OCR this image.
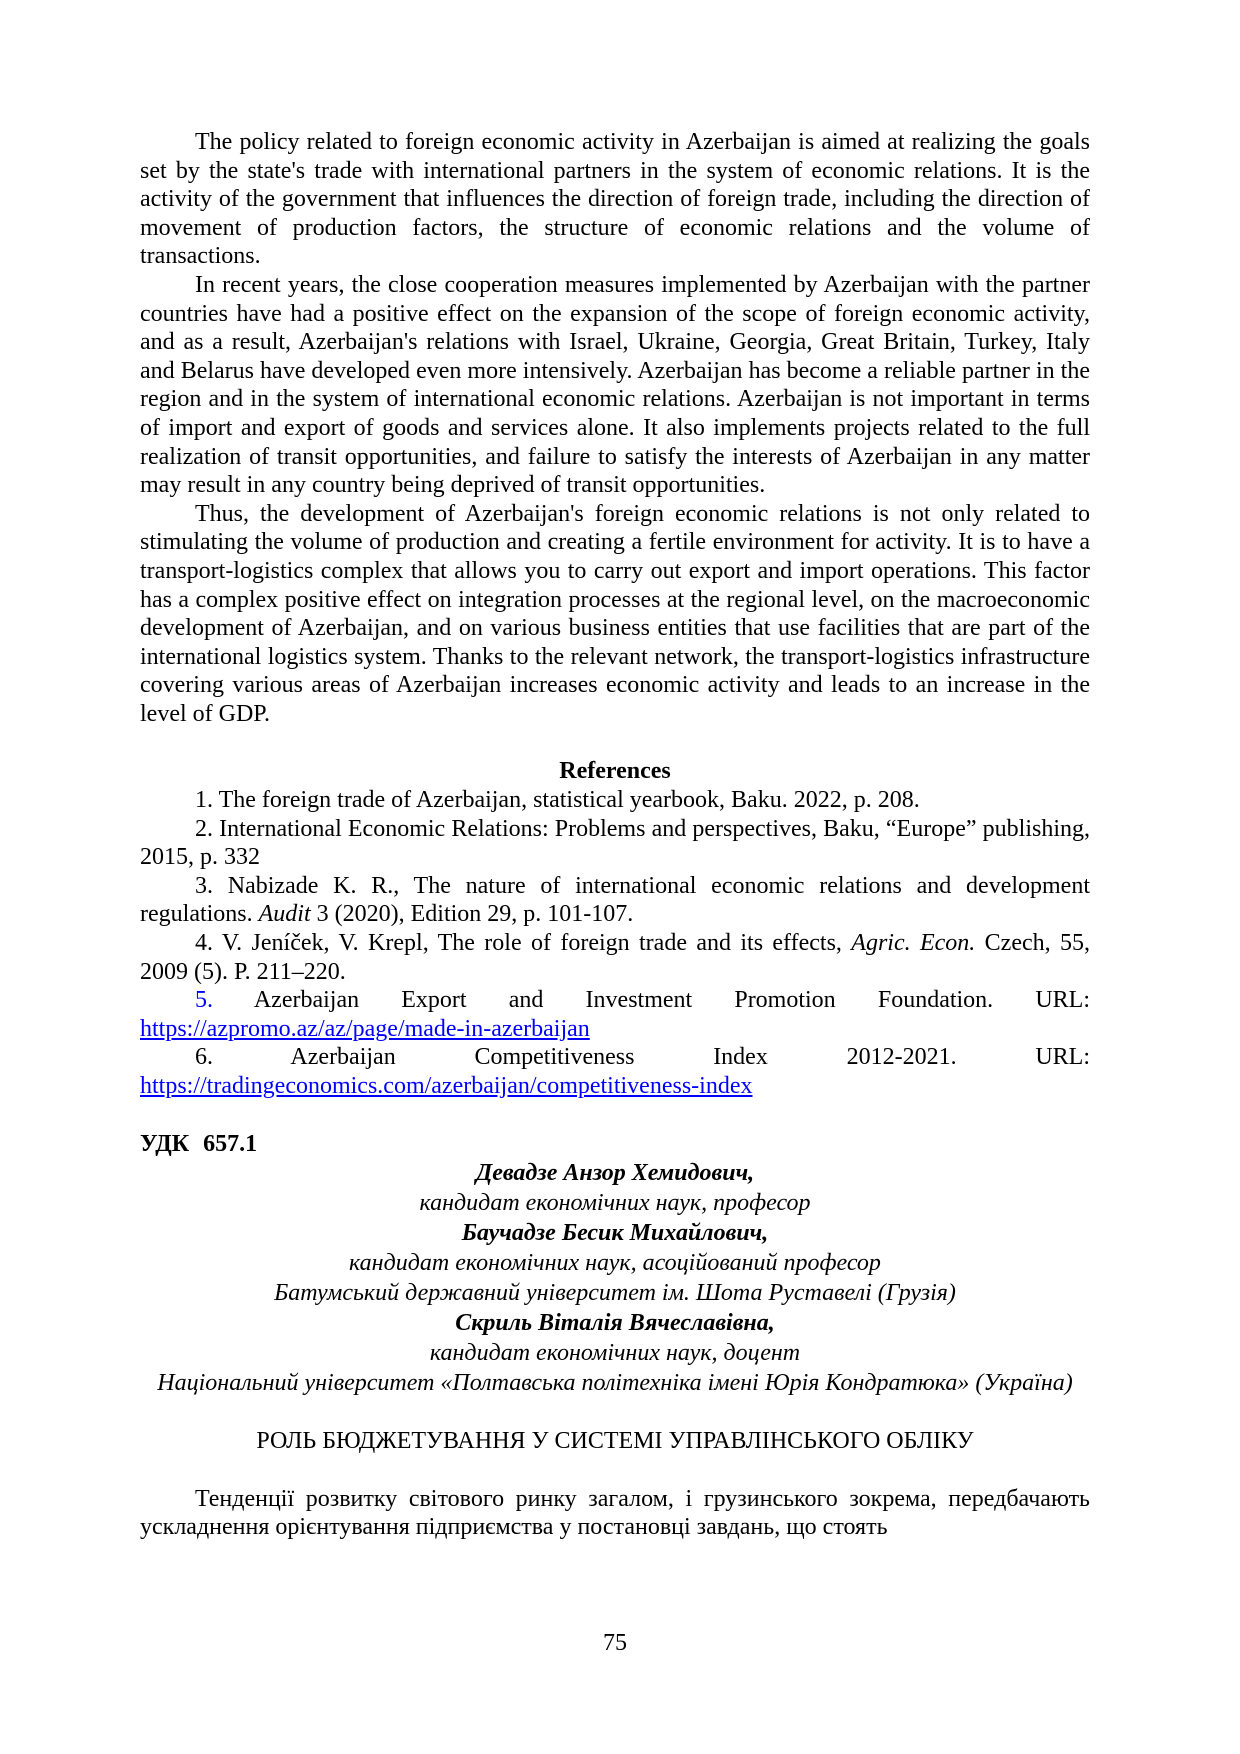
The policy related to foreign economic activity in Azerbaijan is aimed at realizing the goals set by the state's trade with international partners in the system of economic relations. It is the activity of the government that influences the direction of foreign trade, including the direction of movement of production factors, the structure of economic relations and the volume of transactions.

In recent years, the close cooperation measures implemented by Azerbaijan with the partner countries have had a positive effect on the expansion of the scope of foreign economic activity, and as a result, Azerbaijan's relations with Israel, Ukraine, Georgia, Great Britain, Turkey, Italy and Belarus have developed even more intensively. Azerbaijan has become a reliable partner in the region and in the system of international economic relations. Azerbaijan is not important in terms of import and export of goods and services alone. It also implements projects related to the full realization of transit opportunities, and failure to satisfy the interests of Azerbaijan in any matter may result in any country being deprived of transit opportunities.

Thus, the development of Azerbaijan's foreign economic relations is not only related to stimulating the volume of production and creating a fertile environment for activity. It is to have a transport-logistics complex that allows you to carry out export and import operations. This factor has a complex positive effect on integration processes at the regional level, on the macroeconomic development of Azerbaijan, and on various business entities that use facilities that are part of the international logistics system. Thanks to the relevant network, the transport-logistics infrastructure covering various areas of Azerbaijan increases economic activity and leads to an increase in the level of GDP.

References

1. The foreign trade of Azerbaijan, statistical yearbook, Baku. 2022, p. 208.

2. International Economic Relations: Problems and perspectives, Baku, “Europe” publishing, 2015, p. 332

3. Nabizade K. R., The nature of international economic relations and development regulations. Audit 3 (2020), Edition 29, p. 101-107.

4. V. Jeníček, V. Krepl, The role of foreign trade and its effects, Agric. Econ. Czech, 55, 2009 (5). P. 211–220.

5. Azerbaijan Export and Investment Promotion Foundation. URL: https://azpromo.az/az/page/made-in-azerbaijan

6. Azerbaijan Competitiveness Index 2012-2021. URL: https://tradingeconomics.com/azerbaijan/competitiveness-index

УДК 657.1

Девадзе Анзор Хемидович,
кандидат економічних наук, професор
Баучадзе Бесик Михайлович,
кандидат економічних наук, асоційований професор
Батумський державний університет ім. Шота Руставелі (Грузія)
Скриль Віталія Вячеславівна,
кандидат економічних наук, доцент
Національний університет «Полтавська політехніка імені Юрія Кондратюка» (Україна)

РОЛЬ БЮДЖЕТУВАННЯ У СИСТЕМІ УПРАВЛІНСЬКОГО ОБЛІКУ

Тенденції розвитку світового ринку загалом, і грузинського зокрема, передбачають ускладнення орієнтування підприємства у постановці завдань, що стоять

75
